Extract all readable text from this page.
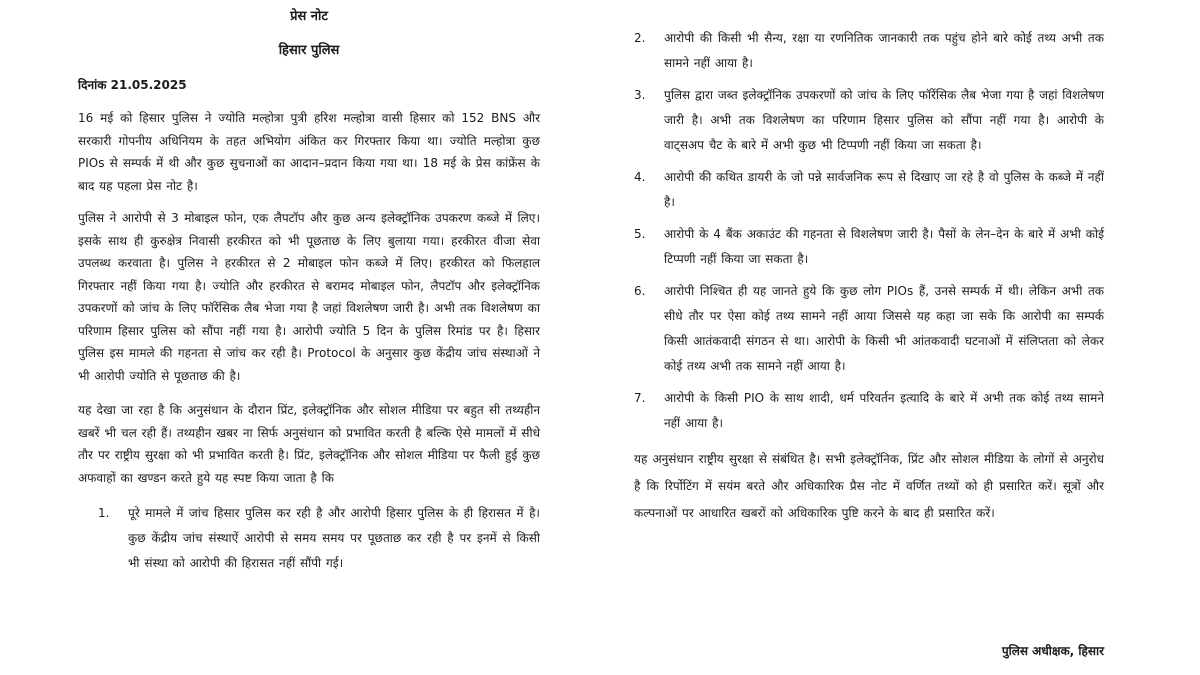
प्रेस नोट
हिसार पुलिस
दिनांक 21.05.2025

16 मई को हिसार पुलिस ने ज्योति मल्होत्रा पुत्री हरिश मल्होत्रा वासी हिसार को 152 BNS और सरकारी गोपनीय अधिनियम के तहत अभियोग अंकित कर गिरफ्तार किया था। ज्योति मल्होत्रा कुछ PIOs से सम्पर्क में थी और कुछ सुचनाओं का आदान–प्रदान किया गया था। 18 मई के प्रेस कांफ्रेंस के बाद यह पहला प्रेस नोट है।

पुलिस ने आरोपी से 3 मोबाइल फोन, एक लैपटॉप और कुछ अन्य इलेक्ट्रॉनिक उपकरण कब्जे में लिए। इसके साथ ही कुरुक्षेत्र निवासी हरकीरत को भी पूछताछ के लिए बुलाया गया। हरकीरत वीजा सेवा उपलब्ध करवाता है। पुलिस ने हरकीरत से 2 मोबाइल फोन कब्जे में लिए। हरकीरत को फिलहाल गिरफ्तार नहीं किया गया है। ज्योति और हरकीरत से बरामद मोबाइल फोन, लैपटॉप और इलेक्ट्रॉनिक उपकरणों को जांच के लिए फॉरेंसिक लैब भेजा गया है जहां विशलेषण जारी है। अभी तक विशलेषण का परिणाम हिसार पुलिस को सौंपा नहीं गया है। आरोपी ज्योति 5 दिन के पुलिस रिमांड पर है। हिसार पुलिस इस मामले की गहनता से जांच कर रही है। Protocol के अनुसार कुछ केंद्रीय जांच संस्थाओं ने भी आरोपी ज्योति से पूछताछ की है।

यह देखा जा रहा है कि अनुसंधान के दौरान प्रिंट, इलेक्ट्रॉनिक और सोशल मीडिया पर बहुत सी तथ्यहीन खबरें भी चल रही हैं। तथ्यहीन खबर ना सिर्फ अनुसंधान को प्रभावित करती है बल्कि ऐसे मामलों में सीधे तौर पर राष्ट्रीय सुरक्षा को भी प्रभावित करती है। प्रिंट, इलेक्ट्रॉनिक और सोशल मीडिया पर फैली हुई कुछ अफवाहों का खण्डन करते हुये यह स्पष्ट किया जाता है कि

1.	पूरे मामले में जांच हिसार पुलिस कर रही है और आरोपी हिसार पुलिस के ही हिरासत में है। कुछ केंद्रीय जांच संस्थाऐं आरोपी से समय समय पर पूछताछ कर रही है पर इनमें से किसी भी संस्था को आरोपी की हिरासत नहीं सौंपी गई।
2.	आरोपी की किसी भी सैन्य, रक्षा या रणनितिक जानकारी तक पहुंच होने बारे कोई तथ्य अभी तक सामने नहीं आया है।
3.	पुलिस द्वारा जब्त इलेक्ट्रॉनिक उपकरणों को जांच के लिए फॉरेंसिक लैब भेजा गया है जहां विशलेषण जारी है। अभी तक विशलेषण का परिणाम हिसार पुलिस को सौंपा नहीं गया है। आरोपी के वाट्सअप चैट के बारे में अभी कुछ भी टिप्पणी नहीं किया जा सकता है।
4.	आरोपी की कथित डायरी के जो पन्ने सार्वजनिक रूप से दिखाए जा रहे है वो पुलिस के कब्जे में नहीं है।
5.	आरोपी के 4 बैंक अकाउंट की गहनता से विशलेषण जारी है। पैसों के लेन–देन के बारे में अभी कोई टिप्पणी नहीं किया जा सकता है।
6.	आरोपी निश्चित ही यह जानते हुये कि कुछ लोग PIOs हैं, उनसे सम्पर्क में थी। लेकिन अभी तक सीधे तौर पर ऐसा कोई तथ्य सामने नहीं आया जिससे यह कहा जा सके कि आरोपी का सम्पर्क किसी आतंकवादी संगठन से था। आरोपी के किसी भी आंतकवादी घटनाओं में संलिप्तता को लेकर कोई तथ्य अभी तक सामने नहीं आया है।
7.	आरोपी के किसी PIO के साथ शादी, धर्म परिवर्तन इत्यादि के बारे में अभी तक कोई तथ्य सामने नहीं आया है।

यह अनुसंधान राष्ट्रीय सुरक्षा से संबंधित है। सभी इलेक्ट्रॉनिक, प्रिंट और सोशल मीडिया के लोगों से अनुरोध है कि रिर्पोटिंग में सयंम बरते और अधिकारिक प्रैस नोट में वर्णित तथ्यों को ही प्रसारित करें। सूत्रों और कल्पनाओं पर आधारित खबरों को अधिकारिक पुष्टि करने के बाद ही प्रसारित करें।

पुलिस अधीक्षक, हिसार
